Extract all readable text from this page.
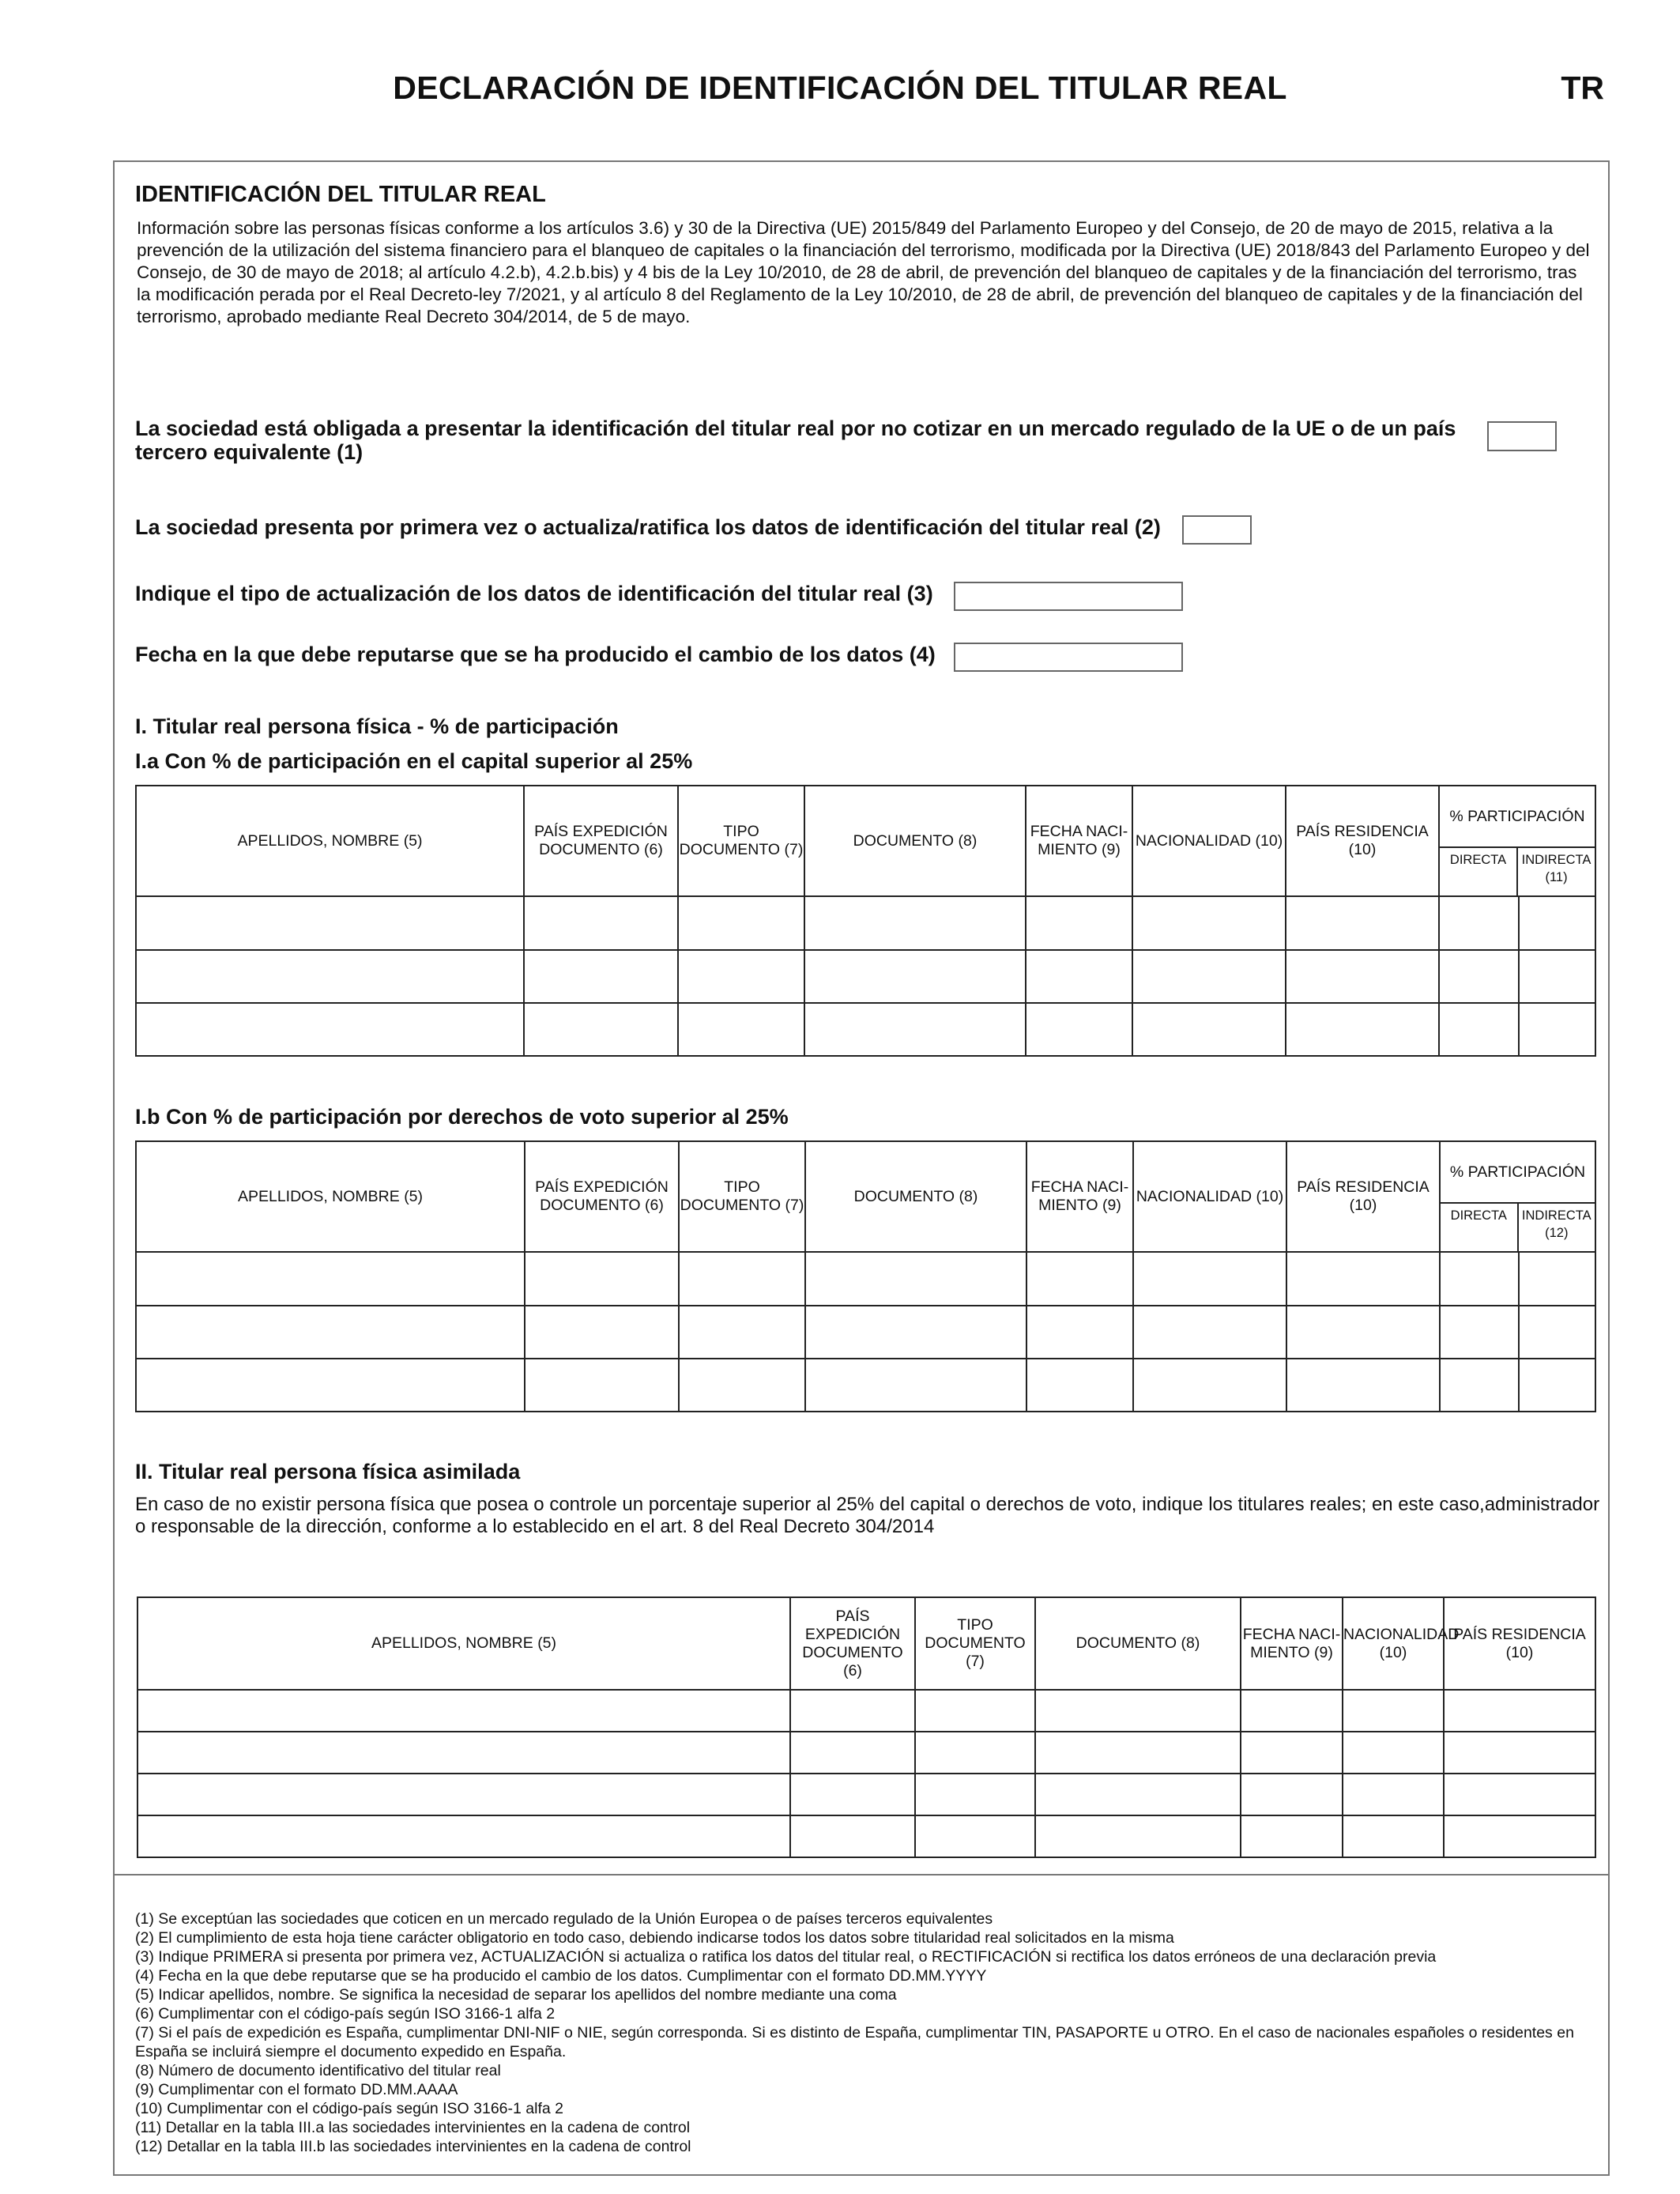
DECLARACIÓN DE IDENTIFICACIÓN DEL TITULAR REAL	TR
IDENTIFICACIÓN DEL TITULAR REAL
Información sobre las personas físicas conforme a los artículos 3.6) y 30 de la Directiva (UE) 2015/849 del Parlamento Europeo y del Consejo, de 20 de mayo de 2015, relativa a la prevención de la utilización del sistema financiero para el blanqueo de capitales o la financiación del terrorismo, modificada por la Directiva (UE) 2018/843 del Parlamento Europeo y del Consejo, de 30 de mayo de 2018; al artículo 4.2.b), 4.2.b.bis) y 4 bis de la Ley 10/2010, de 28 de abril, de prevención del blanqueo de capitales y de la financiación del terrorismo, tras la modificación perada por el Real Decreto-ley 7/2021, y al artículo 8 del Reglamento de la Ley 10/2010, de 28 de abril, de prevención del blanqueo de capitales y de la financiación del terrorismo, aprobado mediante Real Decreto 304/2014, de 5 de mayo.
La sociedad está obligada a presentar la identificación del titular real por no cotizar en un mercado regulado de la UE o de un país tercero equivalente (1)
La sociedad presenta por primera vez o actualiza/ratifica los datos de identificación del titular real (2)
Indique el tipo de actualización de los datos de identificación del titular real (3)
Fecha en la que debe reputarse que se ha producido el cambio de los datos (4)
I. Titular real persona física - % de participación
I.a Con % de participación en el capital superior al 25%
APELLIDOS, NOMBRE (5)	PAÍS EXPEDICIÓN DOCUMENTO (6)	TIPO DOCUMENTO (7)	DOCUMENTO (8)	FECHA NACI- MIENTO (9)	NACIONALIDAD (10)	PAÍS RESIDENCIA (10)	% PARTICIPACIÓN
DIRECTA INDIRECTA
(11)	

I.b Con % de participación por derechos de voto superior al 25%
APELLIDOS, NOMBRE (5)	PAÍS EXPEDICIÓN DOCUMENTO (6)	TIPO DOCUMENTO (7)	DOCUMENTO (8)	FECHA NACI- MIENTO (9)	NACIONALIDAD (10)	PAÍS RESIDENCIA (10)	% PARTICIPACIÓN
DIRECTA INDIRECTA
(12)	

II. Titular real persona física asimilada
En caso de no existir persona física que posea o controle un porcentaje superior al 25% del capital o derechos de voto, indique los titulares reales; en este caso,administrador o responsable de la dirección, conforme a lo establecido en el art. 8 del Real Decreto 304/2014
APELLIDOS, NOMBRE (5)	PAÍS EXPEDICIÓN DOCUMENTO (6)	TIPO DOCUMENTO (7)	DOCUMENTO (8)	FECHA NACI- MIENTO (9)	NACIONALIDAD (10)	PAÍS RESIDENCIA (10)

(1) Se exceptúan las sociedades que coticen en un mercado regulado de la Unión Europea o de países terceros equivalentes
(2) El cumplimiento de esta hoja tiene carácter obligatorio en todo caso, debiendo indicarse todos los datos sobre titularidad real solicitados en la misma
(3) Indique PRIMERA si presenta por primera vez, ACTUALIZACIÓN si actualiza o ratifica los datos del titular real, o RECTIFICACIÓN si rectifica los datos erróneos de una declaración previa
(4) Fecha en la que debe reputarse que se ha producido el cambio de los datos. Cumplimentar con el formato DD.MM.YYYY
(5) Indicar apellidos, nombre. Se significa la necesidad de separar los apellidos del nombre mediante una coma
(6) Cumplimentar con el código-país según ISO 3166-1 alfa 2
(7) Si el país de expedición es España, cumplimentar DNI-NIF o NIE, según corresponda. Si es distinto de España, cumplimentar TIN, PASAPORTE u OTRO. En el caso de nacionales españoles o residentes en España se incluirá siempre el documento expedido en España.
(8) Número de documento identificativo del titular real
(9) Cumplimentar con el formato DD.MM.AAAA
(10) Cumplimentar con el código-país según ISO 3166-1 alfa 2
(11) Detallar en la tabla III.a las sociedades intervinientes en la cadena de control
(12) Detallar en la tabla III.b las sociedades intervinientes en la cadena de control
